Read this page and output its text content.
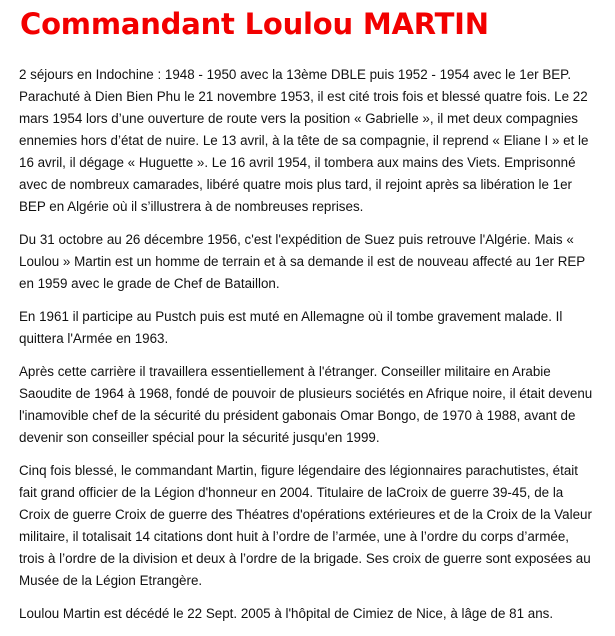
Commandant Loulou MARTIN

2 séjours en Indochine : 1948 - 1950 avec la 13ème DBLE puis 1952 - 1954 avec le 1er BEP. Parachuté à Dien Bien Phu le 21 novembre 1953, il est cité trois fois et blessé quatre fois. Le 22 mars 1954 lors d’une ouverture de route vers la position « Gabrielle », il met deux compagnies ennemies hors d’état de nuire. Le 13 avril, à la tête de sa compagnie, il reprend « Eliane I » et le 16 avril, il dégage « Huguette ». Le 16 avril 1954, il tombera aux mains des Viets. Emprisonné avec de nombreux camarades, libéré quatre mois plus tard, il rejoint après sa libération le 1er BEP en Algérie où il s’illustrera à de nombreuses reprises.

Du 31 octobre au 26 décembre 1956, c'est l'expédition de Suez puis retrouve l'Algérie. Mais « Loulou » Martin est un homme de terrain et à sa demande il est de nouveau affecté au 1er REP en 1959 avec le grade de Chef de Bataillon.

En 1961 il participe au Pustch puis est muté en Allemagne où il tombe gravement malade. Il quittera l'Armée en 1963.

Après cette carrière il travaillera essentiellement à l'étranger. Conseiller militaire en Arabie Saoudite de 1964 à 1968, fondé de pouvoir de plusieurs sociétés en Afrique noire, il était devenu l'inamovible chef de la sécurité du président gabonais Omar Bongo, de 1970 à 1988, avant de devenir son conseiller spécial pour la sécurité jusqu'en 1999.

Cinq fois blessé, le commandant Martin, figure légendaire des légionnaires parachutistes, était fait grand officier de la Légion d'honneur en 2004. Titulaire de laCroix de guerre 39-45, de la Croix de guerre Croix de guerre des Théatres d'opérations extérieures et de la Croix de la Valeur militaire, il totalisait 14 citations dont huit à l’ordre de l’armée, une à l’ordre du corps d’armée, trois à l’ordre de la division et deux à l’ordre de la brigade. Ses croix de guerre sont exposées au Musée de la Légion Etrangère.

Loulou Martin est décédé le 22 Sept. 2005 à l'hôpital de Cimiez de Nice, à lâge de 81 ans.
